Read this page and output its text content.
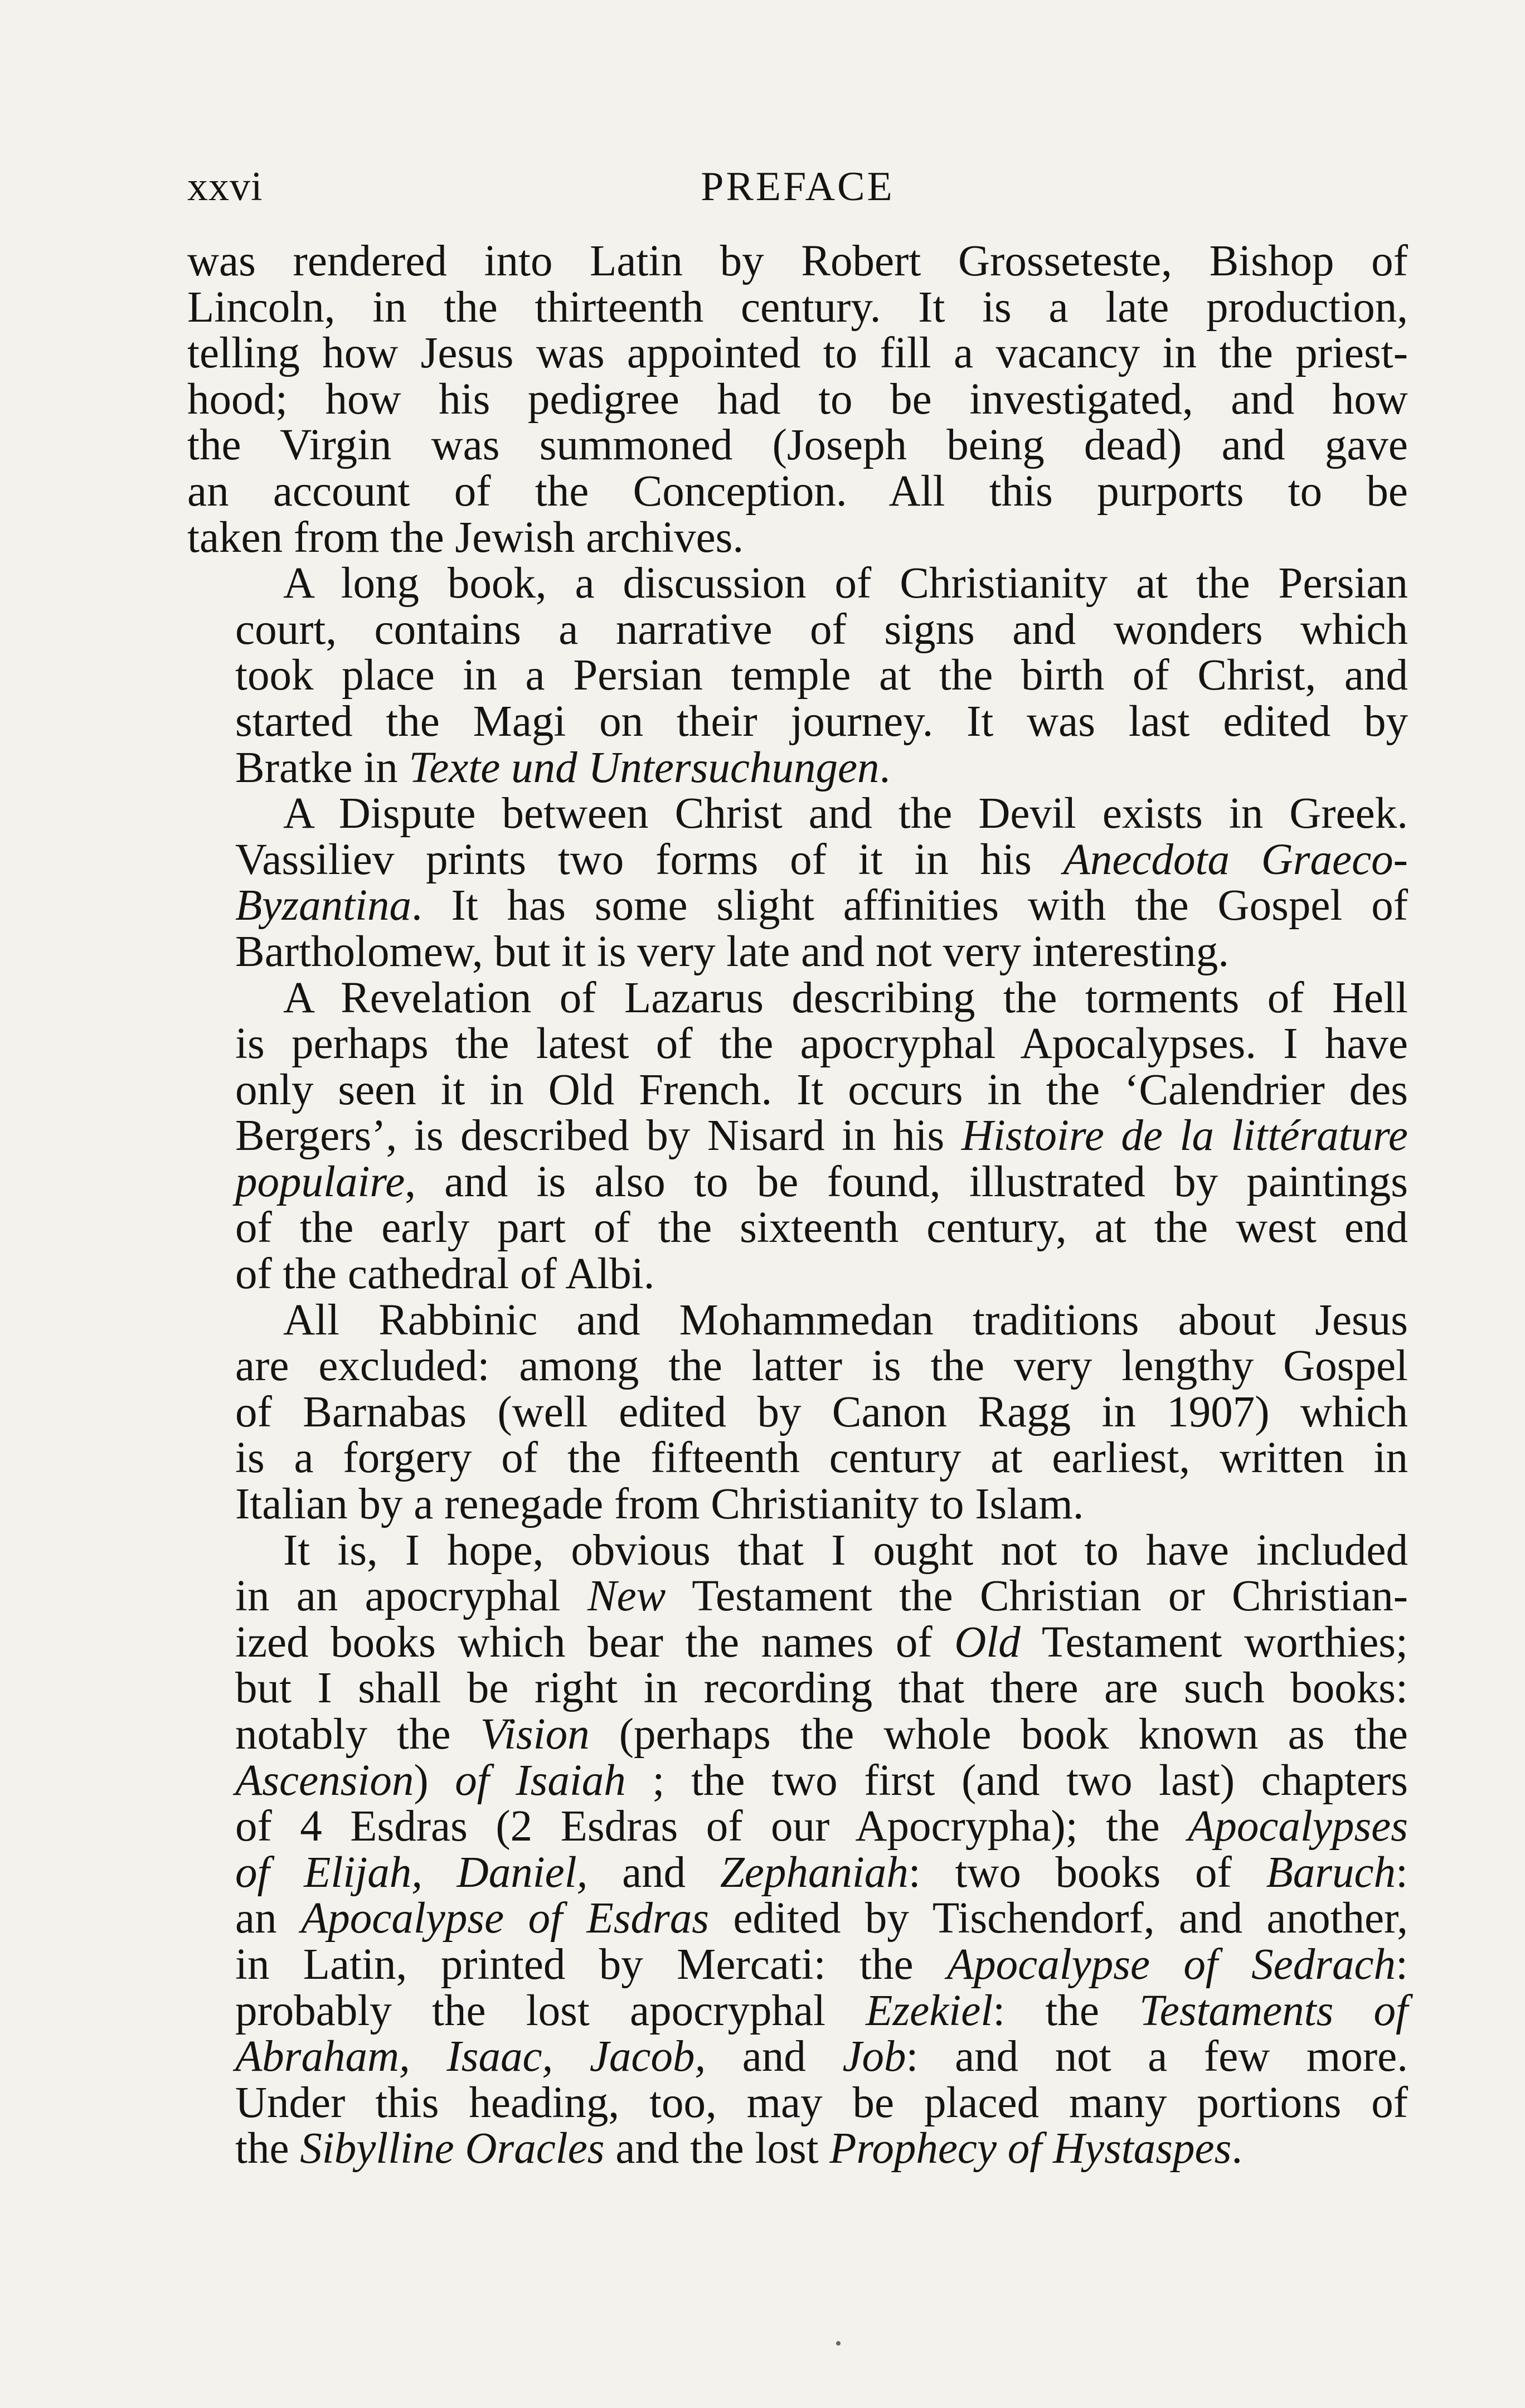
xxvi	PREFACE
was rendered into Latin by Robert Grosseteste, Bishop of
Lincoln, in the thirteenth century. It is a late production,
telling how Jesus was appointed to fill a vacancy in the priest-
hood; how his pedigree had to be investigated, and how
the Virgin was summoned (Joseph being dead) and gave
an account of the Conception. All this purports to be
taken from the Jewish archives.
A long book, a discussion of Christianity at the Persian
court, contains a narrative of signs and wonders which
took place in a Persian temple at the birth of Christ, and
started the Magi on their journey. It was last edited by
Bratke in Texte und Untersuchungen.
A Dispute between Christ and the Devil exists in Greek.
Vassiliev prints two forms of it in his Anecdota Graeco-
Byzantina. It has some slight affinities with the Gospel of
Bartholomew, but it is very late and not very interesting.
A Revelation of Lazarus describing the torments of Hell
is perhaps the latest of the apocryphal Apocalypses. I have
only seen it in Old French. It occurs in the ‘Calendrier des
Bergers’, is described by Nisard in his Histoire de la littérature
populaire, and is also to be found, illustrated by paintings
of the early part of the sixteenth century, at the west end
of the cathedral of Albi.
All Rabbinic and Mohammedan traditions about Jesus
are excluded: among the latter is the very lengthy Gospel
of Barnabas (well edited by Canon Ragg in 1907) which
is a forgery of the fifteenth century at earliest, written in
Italian by a renegade from Christianity to Islam.
It is, I hope, obvious that I ought not to have included
in an apocryphal New Testament the Christian or Christian-
ized books which bear the names of Old Testament worthies;
but I shall be right in recording that there are such books:
notably the Vision (perhaps the whole book known as the
Ascension) of Isaiah ; the two first (and two last) chapters
of 4 Esdras (2 Esdras of our Apocrypha); the Apocalypses
of Elijah, Daniel, and Zephaniah: two books of Baruch:
an Apocalypse of Esdras edited by Tischendorf, and another,
in Latin, printed by Mercati: the Apocalypse of Sedrach:
probably the lost apocryphal Ezekiel: the Testaments of
Abraham, Isaac, Jacob, and Job: and not a few more.
Under this heading, too, may be placed many portions of
the Sibylline Oracles and the lost Prophecy of Hystaspes.
